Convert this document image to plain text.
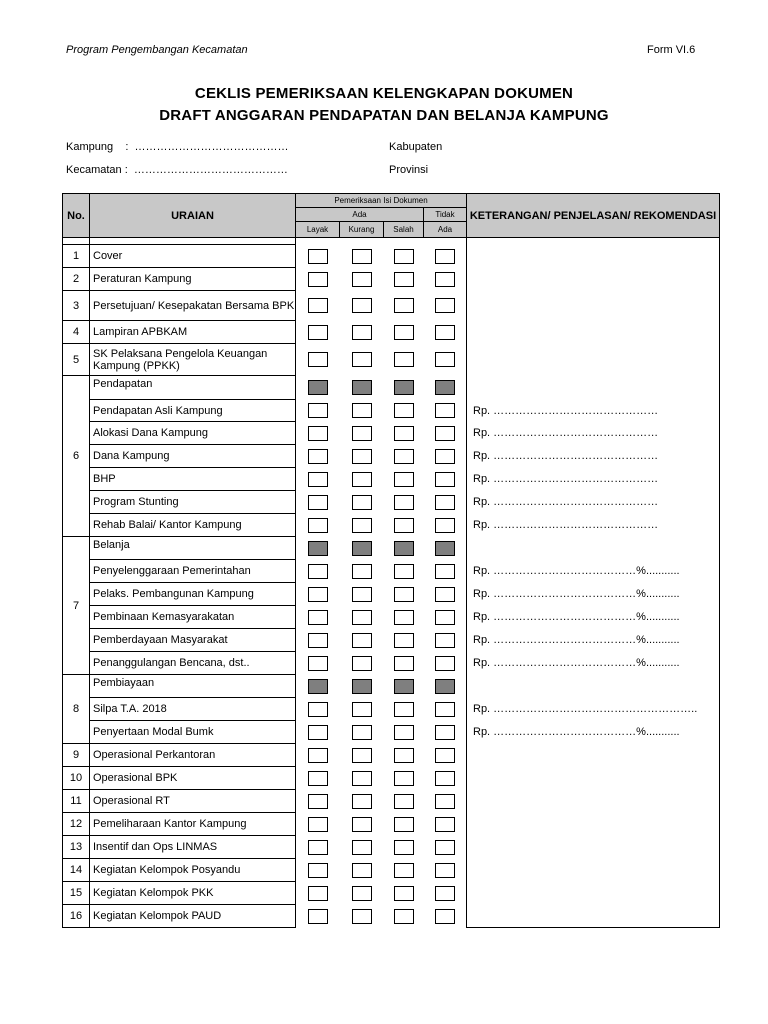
Program Pengembangan Kecamatan	Form VI.6
CEKLIS PEMERIKSAAN KELENGKAPAN DOKUMEN
DRAFT ANGGARAN PENDAPATAN DAN BELANJA KAMPUNG
Kampung    :  ……………………………………
Kecamatan :  ……………………………………
Kabupaten
Provinsi
No.	URAIAN	Pemeriksaan Isi Dokumen				KETERANGAN/ PENJELASAN/ REKOMENDASI
		Ada			Tidak	
		Layak	Kurang	Salah	Ada	

1	Cover					
2	Peraturan Kampung					
3	Persetujuan/ Kesepakatan Bersama BPK					
4	Lampiran APBKAM					
5	SK Pelaksana Pengelola Keuangan Kampung (PPKK)					
6	Pendapatan					
	Pendapatan Asli Kampung					Rp. ………………………………………
	Alokasi Dana Kampung					Rp. ………………………………………
	Dana Kampung					Rp. ………………………………………
	BHP					Rp. ………………………………………
	Program Stunting					Rp. ………………………………………
	Rehab Balai/ Kantor Kampung					Rp. ………………………………………
7	Belanja					
	Penyelenggaraan Pemerintahan					Rp. …………………………………%...........
	Pelaks. Pembangunan Kampung					Rp. …………………………………%...........
	Pembinaan Kemasyarakatan					Rp. …………………………………%...........
	Pemberdayaan Masyarakat					Rp. …………………………………%...........
	Penanggulangan Bencana, dst..					Rp. …………………………………%...........
8	Pembiayaan					
	Silpa T.A. 2018					Rp. ………………………………………………..
	Penyertaan Modal Bumk					Rp. …………………………………%...........
9	Operasional Perkantoran					
10	Operasional BPK					
11	Operasional RT					
12	Pemeliharaan Kantor Kampung					
13	Insentif dan Ops LINMAS					
14	Kegiatan Kelompok Posyandu					
15	Kegiatan Kelompok PKK					
16	Kegiatan Kelompok PAUD					
